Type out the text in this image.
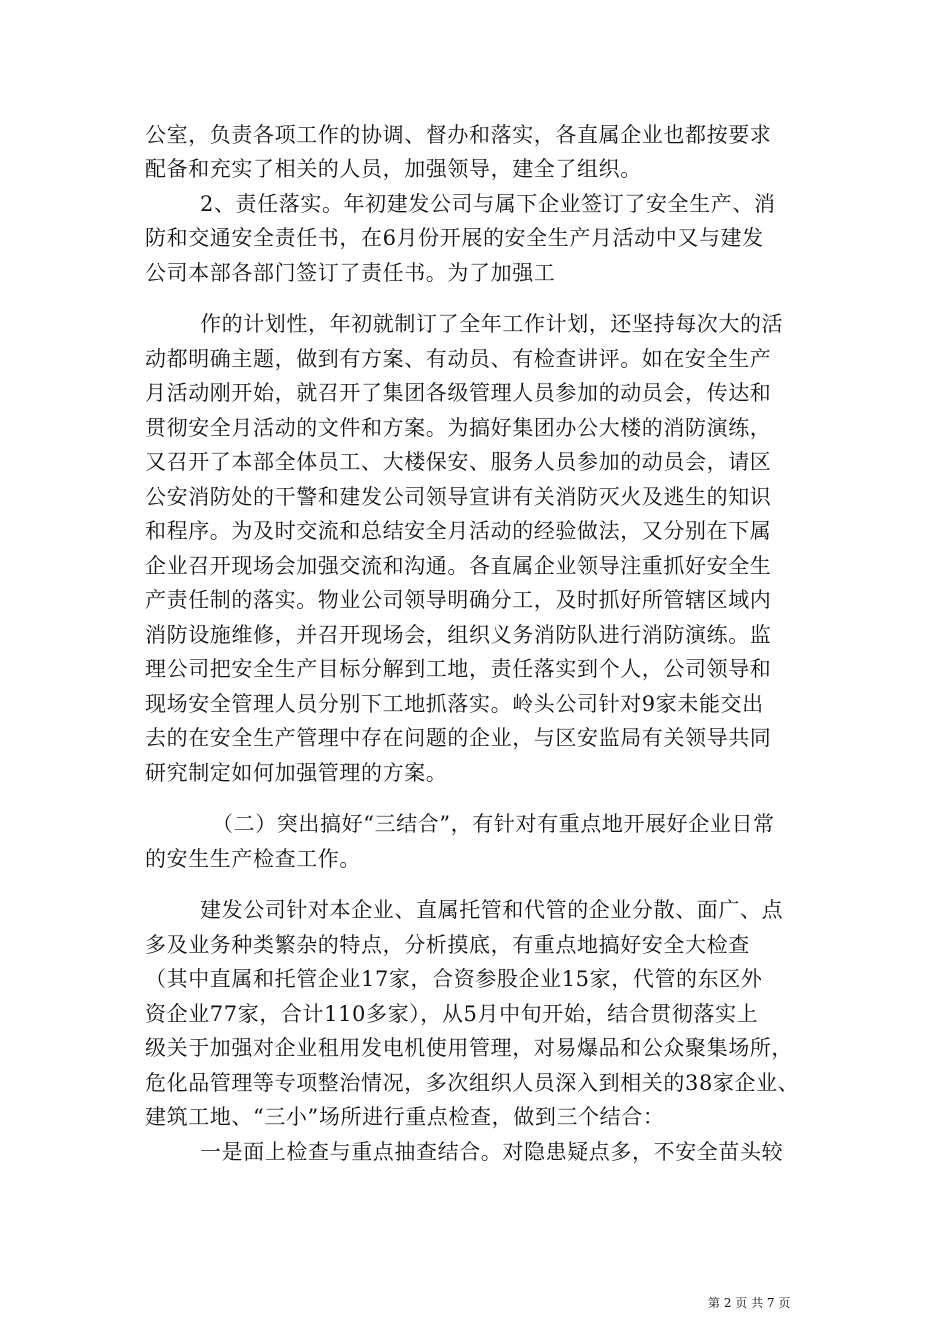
公室，负责各项工作的协调、督办和落实，各直属企业也都按要求
配备和充实了相关的人员，加强领导，建全了组织。
2、责任落实。年初建发公司与属下企业签订了安全生产、消
防和交通安全责任书，在6月份开展的安全生产月活动中又与建发
公司本部各部门签订了责任书。为了加强工
作的计划性，年初就制订了全年工作计划，还坚持每次大的活
动都明确主题，做到有方案、有动员、有检查讲评。如在安全生产
月活动刚开始，就召开了集团各级管理人员参加的动员会，传达和
贯彻安全月活动的文件和方案。为搞好集团办公大楼的消防演练，
又召开了本部全体员工、大楼保安、服务人员参加的动员会，请区
公安消防处的干警和建发公司领导宣讲有关消防灭火及逃生的知识
和程序。为及时交流和总结安全月活动的经验做法，又分别在下属
企业召开现场会加强交流和沟通。各直属企业领导注重抓好安全生
产责任制的落实。物业公司领导明确分工，及时抓好所管辖区域内
消防设施维修，并召开现场会，组织义务消防队进行消防演练。监
理公司把安全生产目标分解到工地，责任落实到个人，公司领导和
现场安全管理人员分别下工地抓落实。岭头公司针对9家未能交出
去的在安全生产管理中存在问题的企业，与区安监局有关领导共同
研究制定如何加强管理的方案。
（二）突出搞好“三结合”，有针对有重点地开展好企业日常
的安生生产检查工作。
建发公司针对本企业、直属托管和代管的企业分散、面广、点
多及业务种类繁杂的特点，分析摸底，有重点地搞好安全大检查
（其中直属和托管企业17家，合资参股企业15家，代管的东区外
资企业77家，合计110多家），从5月中旬开始，结合贯彻落实上
级关于加强对企业租用发电机使用管理，对易爆品和公众聚集场所，
危化品管理等专项整治情况，多次组织人员深入到相关的38家企业、
建筑工地、“三小”场所进行重点检查，做到三个结合：
一是面上检查与重点抽查结合。对隐患疑点多，不安全苗头较
第 2 页 共 7 页
